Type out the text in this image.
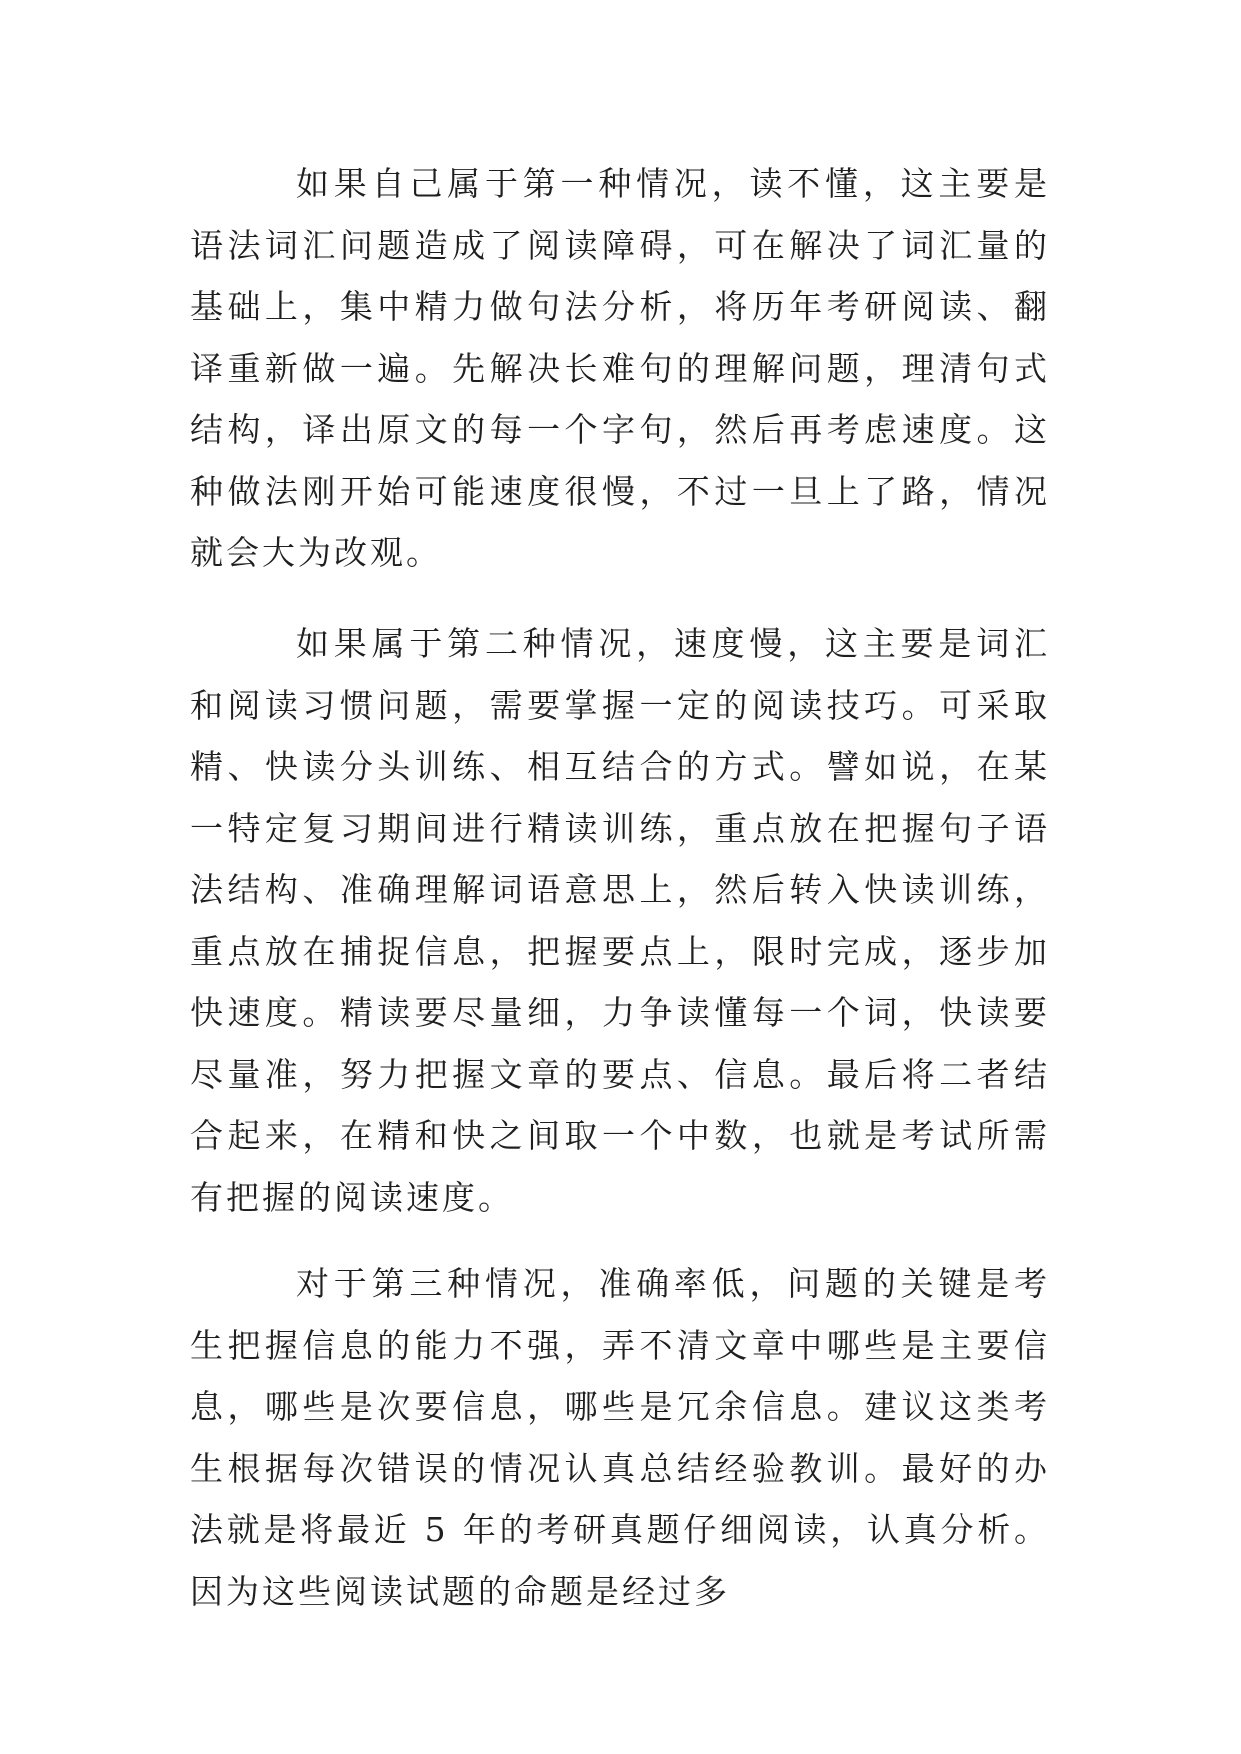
如果自己属于第一种情况，读不懂，这主要是语法词汇问题造成了阅读障碍，可在解决了词汇量的基础上，集中精力做句法分析，将历年考研阅读、翻译重新做一遍。先解决长难句的理解问题，理清句式结构，译出原文的每一个字句，然后再考虑速度。这种做法刚开始可能速度很慢，不过一旦上了路，情况就会大为改观。

如果属于第二种情况，速度慢，这主要是词汇和阅读习惯问题，需要掌握一定的阅读技巧。可采取精、快读分头训练、相互结合的方式。譬如说，在某一特定复习期间进行精读训练，重点放在把握句子语法结构、准确理解词语意思上，然后转入快读训练，重点放在捕捉信息，把握要点上，限时完成，逐步加快速度。精读要尽量细，力争读懂每一个词，快读要尽量准，努力把握文章的要点、信息。最后将二者结合起来，在精和快之间取一个中数，也就是考试所需有把握的阅读速度。

对于第三种情况，准确率低，问题的关键是考生把握信息的能力不强，弄不清文章中哪些是主要信息，哪些是次要信息，哪些是冗余信息。建议这类考生根据每次错误的情况认真总结经验教训。最好的办法就是将最近 5 年的考研真题仔细阅读，认真分析。因为这些阅读试题的命题是经过多
